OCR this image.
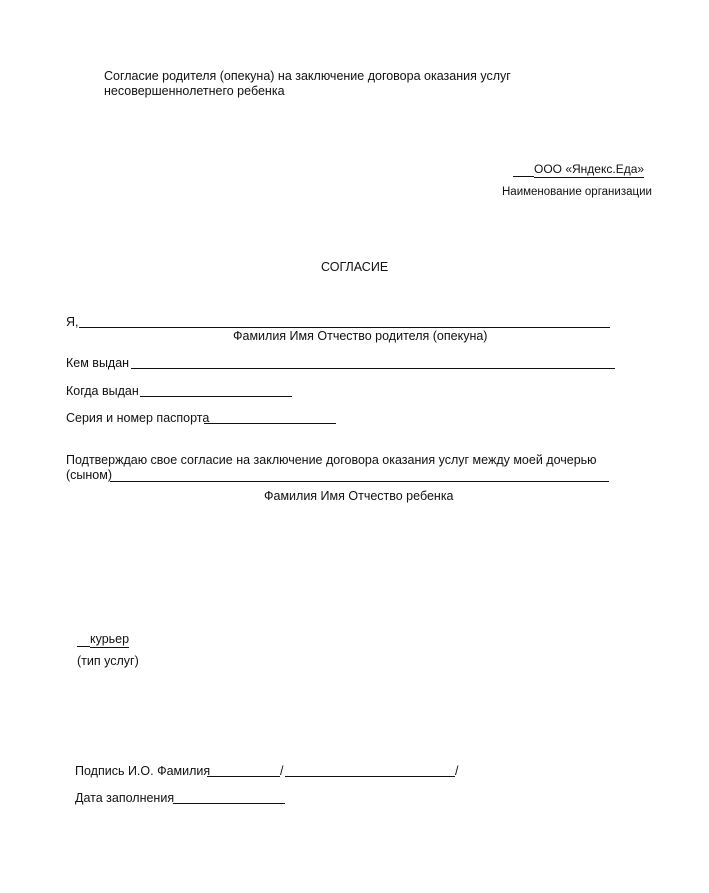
Согласие родителя (опекуна) на заключение договора оказания услуг
несовершеннолетнего ребенка
ООО «Яндекс.Еда»
Наименование организации
СОГЛАСИЕ
Я,
Фамилия Имя Отчество родителя (опекуна)
Кем выдан
Когда выдан
Серия и номер паспорта
Подтверждаю свое согласие на заключение договора оказания услуг между моей дочерью
(сыном)
Фамилия Имя Отчество ребенка
курьер
(тип услуг)
Подпись И.О. Фамилия	/	/
Дата заполнения
